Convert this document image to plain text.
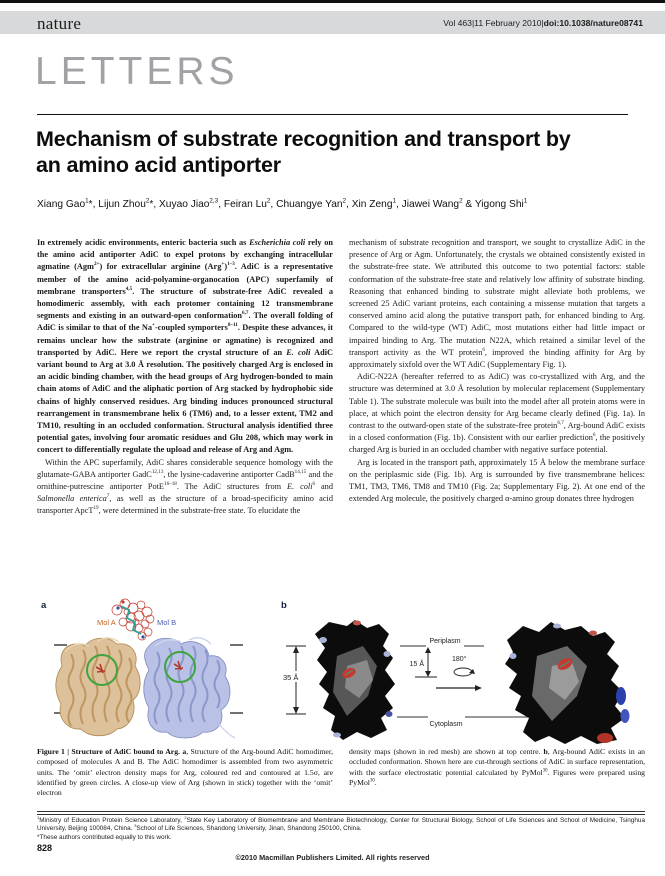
nature	Vol 463|11 February 2010|doi:10.1038/nature08741
LETTERS
Mechanism of substrate recognition and transport by
an amino acid antiporter
Xiang Gao$^1$*, Lijun Zhou$^2$*, Xuyao Jiao$^{2,3}$, Feiran Lu$^2$, Chuangye Yan$^2$, Xin Zeng$^1$, Jiawei Wang$^2$ & Yigong Shi$^1$

In extremely acidic environments, enteric bacteria such as Escherichia coli rely on the amino acid antiporter AdiC to expel protons by exchanging intracellular agmatine (Agm$^{2+}$) for extracellular arginine $(Arg^+)^{1-3}$. AdiC is a representative member of the amino acid-polyamine-organocation (APC) superfamily of membrane transporters$^{4,5}$. The structure of substrate-free AdiC revealed a homodimeric assembly, with each protomer containing 12 transmembrane segments and existing in an outward-open conformation$^{6,7}$. The overall folding of AdiC is similar to that of the Na+-coupled symporters$^{8-11}$. Despite these advances, it remains unclear how the substrate (arginine or agmatine) is recognized and transported by AdiC. Here we report the crystal structure of an E. coli AdiC variant bound to Arg at 3.0 Å resolution. The positively charged Arg is enclosed in an acidic binding chamber, with the head groups of Arg hydrogen-bonded to main chain atoms of AdiC and the aliphatic portion of Arg stacked by hydrophobic side chains of highly conserved residues. Arg binding induces pronounced structural rearrangement in transmembrane helix 6 (TM6) and, to a lesser extent, TM2 and TM10, resulting in an occluded conformation. Structural analysis identified three potential gates, involving four aromatic residues and Glu 208, which may work in concert to differentially regulate the upload and release of Arg and Agm.

Within the APC superfamily, AdiC shares considerable sequence homology with the glutamate-GABA antiporter GadC$^{12,13}$, the lysine-cadaverine antiporter CadB$^{14,15}$ and the ornithine-putrescine antiporter PotE$^{16-18}$. The AdiC structures from E. coli$^6$ and Salmonella enterica$^7$, as well as the structure of a broad-specificity amino acid transporter ApcT$^{19}$, were determined in the substrate-free state. To elucidate the

mechanism of substrate recognition and transport, we sought to crystallize AdiC in the presence of Arg or Agm. Unfortunately, the crystals we obtained consistently existed in the substrate-free state. We attributed this outcome to two potential factors: stable conformation of the substrate-free state and relatively low affinity of substrate binding. Reasoning that enhanced binding to substrate might alleviate both problems, we screened 25 AdiC variant proteins, each containing a missense mutation that targets a conserved amino acid along the putative transport path, for enhanced binding to Arg. Compared to the wild-type (WT) AdiC, most mutations either had little impact or impaired binding to Arg. The mutation N22A, which retained a similar level of the transport activity as the WT protein$^6$, improved the binding affinity for Arg by approximately sixfold over the WT AdiC (Supplementary Fig. 1).

AdiC-N22A (hereafter referred to as AdiC) was co-crystallized with Arg, and the structure was determined at 3.0 Å resolution by molecular replacement (Supplementary Table 1). The substrate molecule was built into the model after all protein atoms were in place, at which point the electron density for Arg became clearly defined (Fig. 1a). In contrast to the outward-open state of the substrate-free protein$^{6,7}$, Arg-bound AdiC exists in a closed conformation (Fig. 1b). Consistent with our earlier prediction$^6$, the positively charged Arg is buried in an occluded chamber with negative surface potential.

Arg is located in the transport path, approximately 15 Å below the membrane surface on the periplasmic side (Fig. 1b). Arg is surrounded by five transmembrane helices: TM1, TM3, TM6, TM8 and TM10 (Fig. 2a; Supplementary Fig. 2). At one end of the extended Arg molecule, the positively charged α-amino group donates three hydrogen

a
Mol A	Mol B
b
35 Å
Periplasm
Cytoplasm
15 Å
180°
Figure 1 | Structure of AdiC bound to Arg. a, Structure of the Arg-bound AdiC homodimer, composed of molecules A and B. The AdiC homodimer is assembled from two asymmetric units. The ‘omit’ electron density maps for Arg, coloured red and contoured at 1.5σ, are identified by green circles. A close-up view of Arg (shown in stick) together with the ‘omit’ electron
density maps (shown in red mesh) are shown at top centre. b, Arg-bound AdiC exists in an occluded conformation. Shown here are cut-through sections of AdiC in surface representation, with the surface electrostatic potential calculated by PyMol$^{30}$. Figures were prepared using PyMol$^{30}$.
$^1$Ministry of Education Protein Science Laboratory, $^2$State Key Laboratory of Biomembrane and Membrane Biotechnology, Center for Structural Biology, School of Life Sciences and School of Medicine, Tsinghua University, Beijing 100084, China. $^3$School of Life Sciences, Shandong University, Jinan, Shandong 250100, China.
*These authors contributed equally to this work.
828
©2010 Macmillan Publishers Limited. All rights reserved
